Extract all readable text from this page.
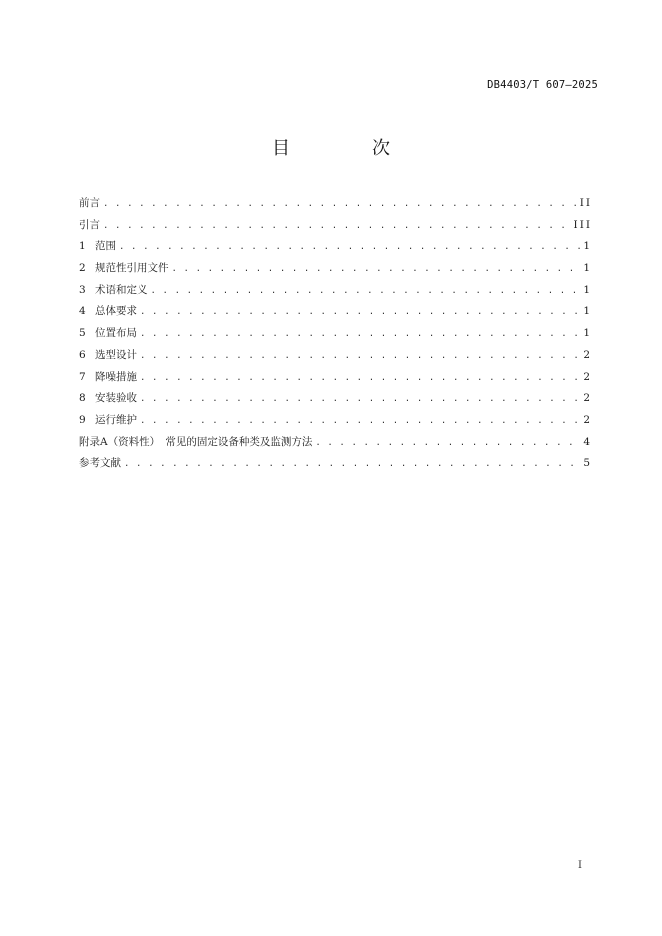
DB4403/T 607—2025
目　次
前言 . . .	II
引言 . . .	III
1 范围 . . .	1
2 规范性引用文件 . . .	1
3 术语和定义 . . .	1
4 总体要求 . . .	1
5 位置布局 . . .	1
6 选型设计 . . .	2
7 降噪措施 . . .	2
8 安装验收 . . .	2
9 运行维护 . . .	2
附录A（资料性）　常见的固定设备种类及监测方法 . . .	4
参考文献 . . .	5
I
